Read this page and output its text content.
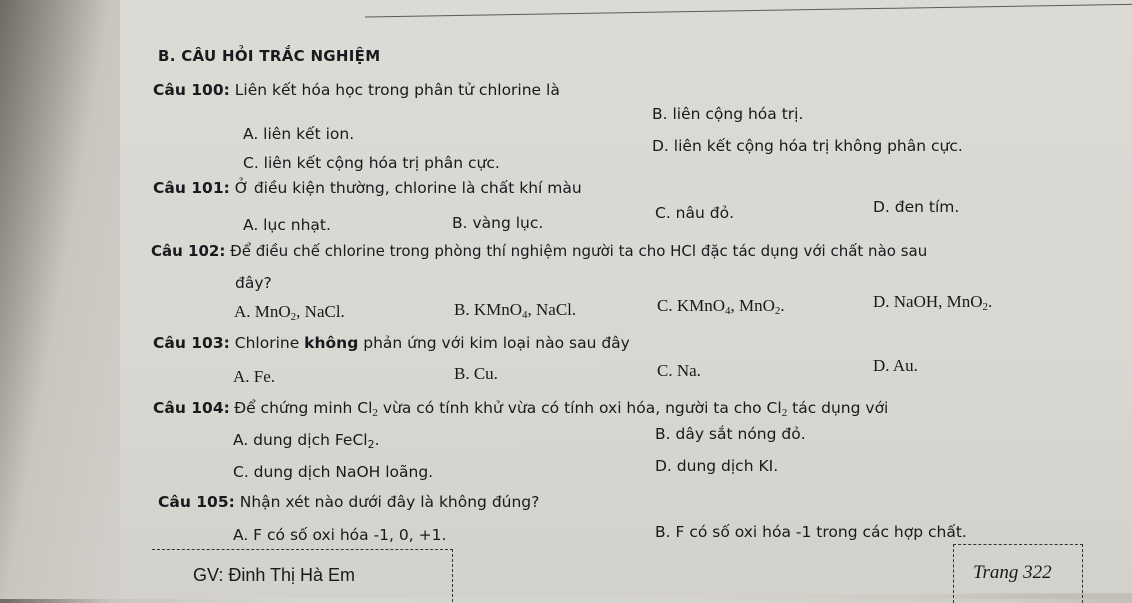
B. CÂU HỎI TRẮC NGHIỆM
Câu 100: Liên kết hóa học trong phân tử chlorine là
A. liên kết ion.
B. liên cộng hóa trị.
C. liên kết cộng hóa trị phân cực.
D. liên kết cộng hóa trị không phân cực.
Câu 101: Ở điều kiện thường, chlorine là chất khí màu
A. lục nhạt.	B. vàng lục.
C. nâu đỏ.	D. đen tím.
Câu 102: Để điều chế chlorine trong phòng thí nghiệm người ta cho HCl đặc tác dụng với chất nào sau
đây?
A. MnO$_2$, NaCl.	B. KMnO$_4$, NaCl.	C. KMnO$_4$, MnO$_2$.	D. NaOH, MnO$_2$.
Câu 103: Chlorine không phản ứng với kim loại nào sau đây
A. Fe.	B. Cu.	C. Na.	D. Au.
Câu 104: Để chứng minh $Cl_2$ vừa có tính khử vừa có tính oxi hóa, người ta cho $Cl_2$ tác dụng với
A. dung dịch FeCl$_2$.	B. dây sắt nóng đỏ.
C. dung dịch NaOH loãng.	D. dung dịch KI.
Câu 105: Nhận xét nào dưới đây là không đúng?
A. F có số oxi hóa -1, 0, +1.	B. F có số oxi hóa -1 trong các hợp chất.
GV: Đinh Thị Hà Em	Trang 322
